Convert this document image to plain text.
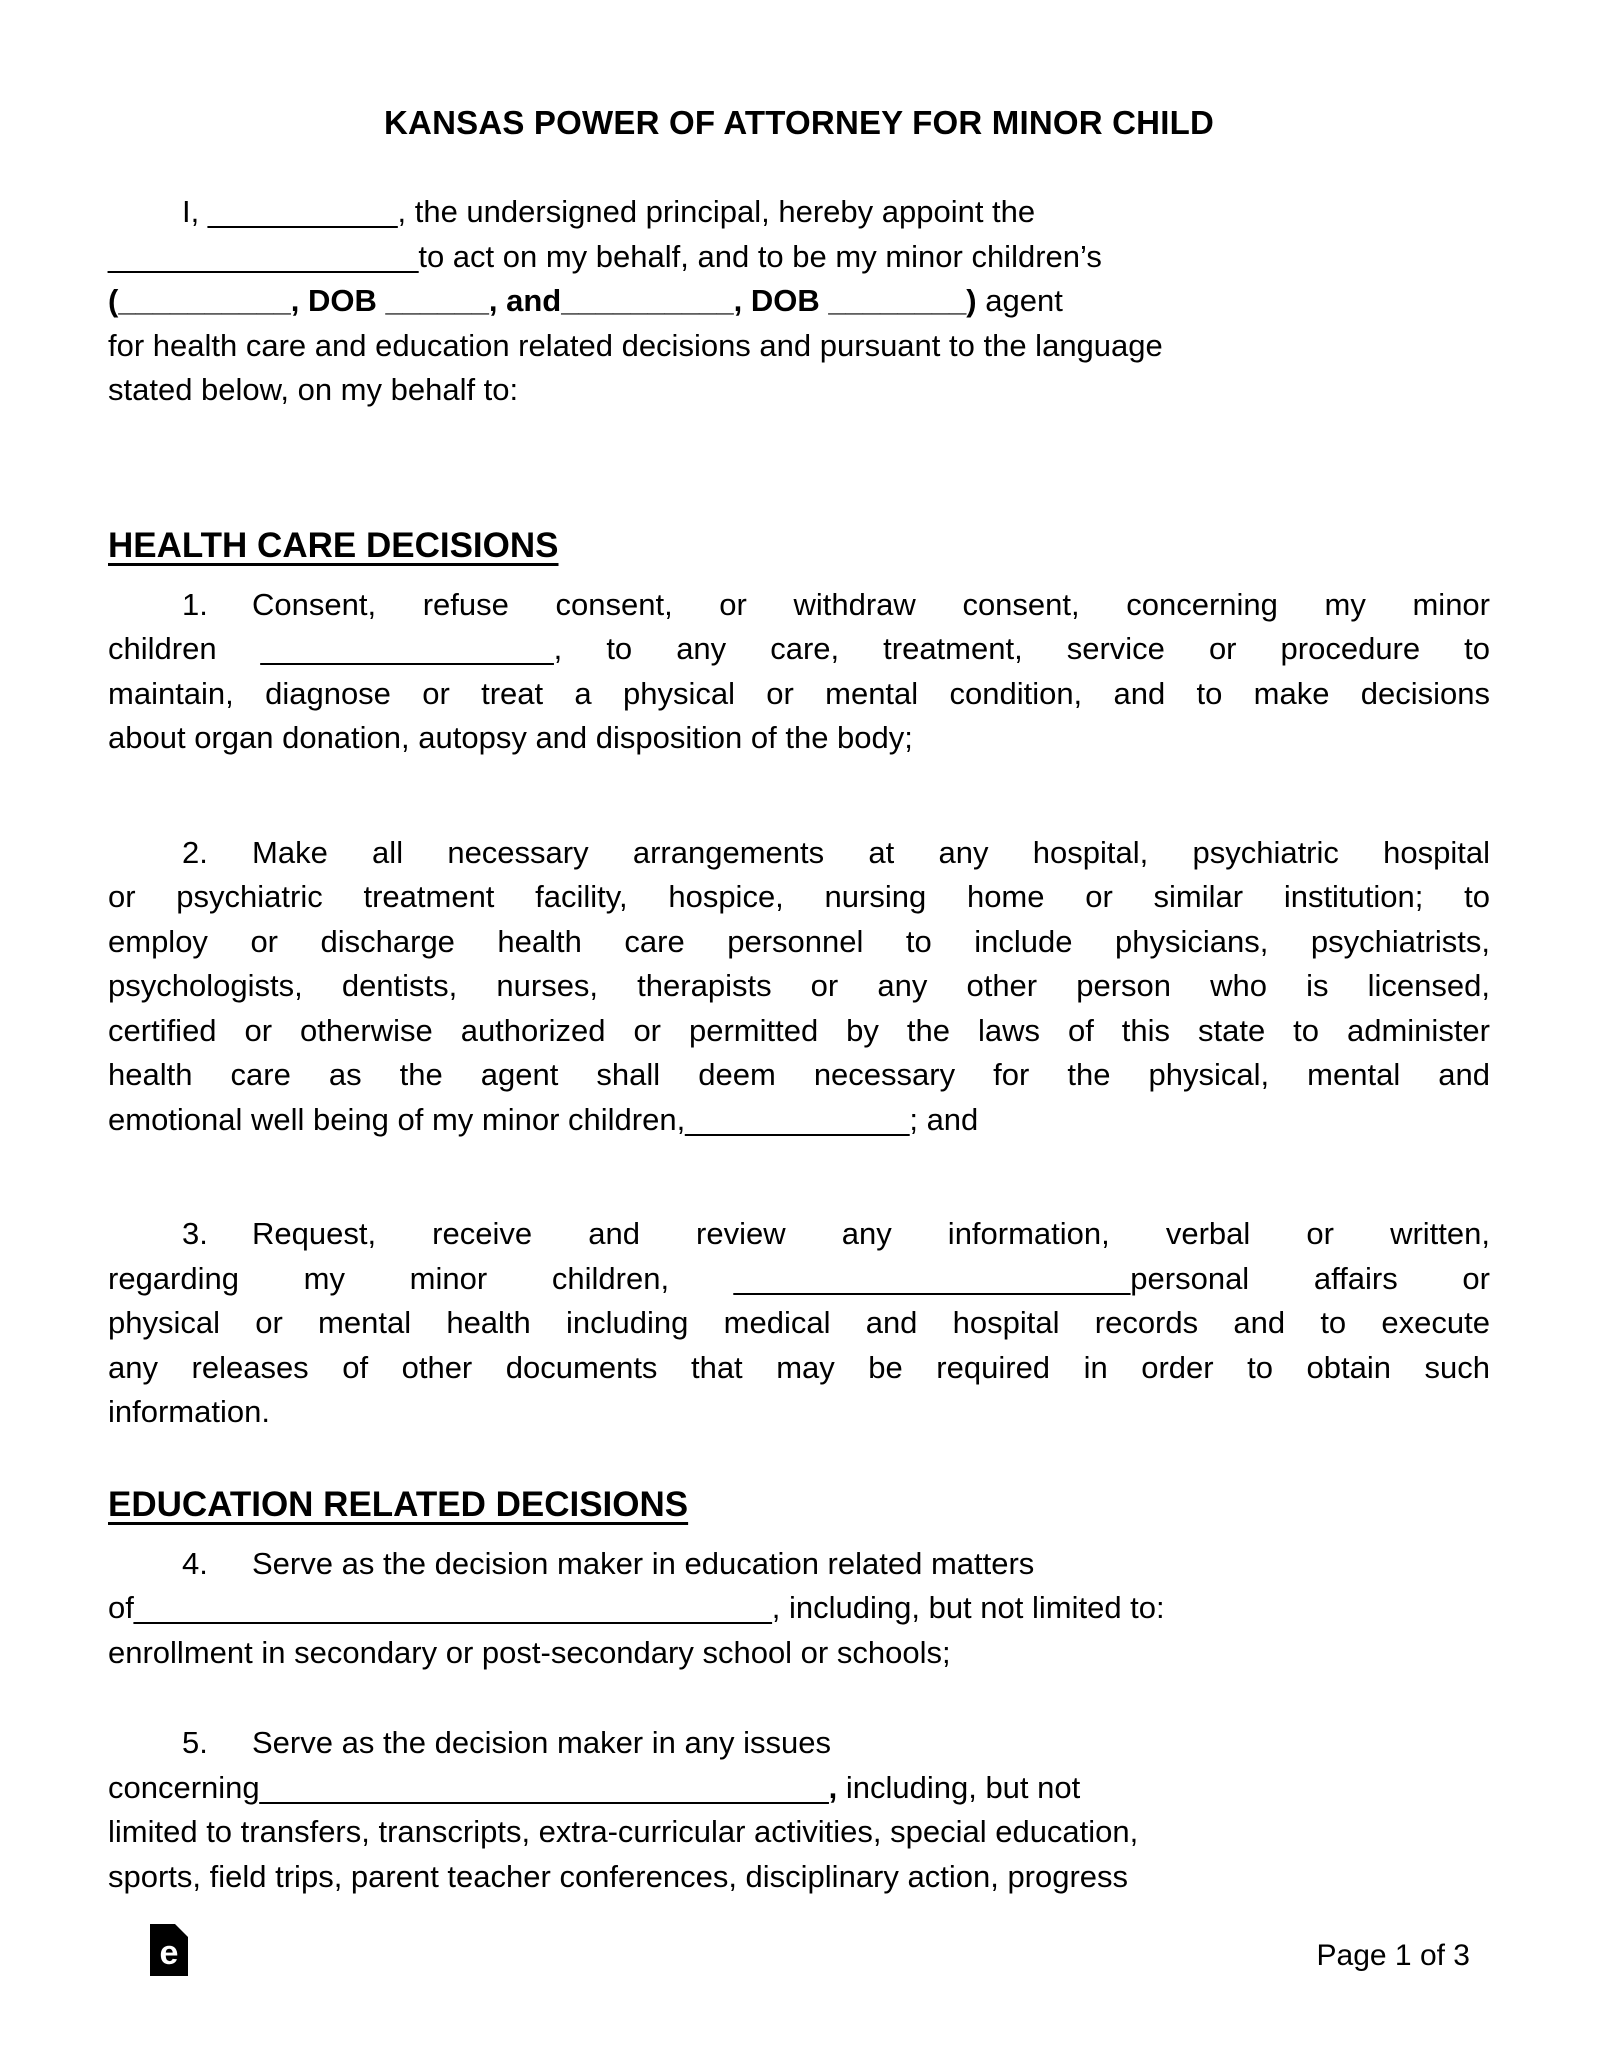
KANSAS POWER OF ATTORNEY FOR MINOR CHILD
I, ___________, the undersigned principal, hereby appoint the
__________________to act on my behalf, and to be my minor children’s
(__________, DOB ______, and__________, DOB ________) agent
for health care and education related decisions and pursuant to the language
stated below, on my behalf to:
HEALTH CARE DECISIONS
1. Consent, refuse consent, or withdraw consent, concerning my minor
children _________________, to any care, treatment, service or procedure to
maintain, diagnose or treat a physical or mental condition, and to make decisions
about organ donation, autopsy and disposition of the body;
2. Make all necessary arrangements at any hospital, psychiatric hospital
or psychiatric treatment facility, hospice, nursing home or similar institution; to
employ or discharge health care personnel to include physicians, psychiatrists,
psychologists, dentists, nurses, therapists or any other person who is licensed,
certified or otherwise authorized or permitted by the laws of this state to administer
health care as the agent shall deem necessary for the physical, mental and
emotional well being of my minor children,_____________; and
3. Request, receive and review any information, verbal or written,
regarding my minor children, _______________________personal affairs or
physical or mental health including medical and hospital records and to execute
any releases of other documents that may be required in order to obtain such
information.
EDUCATION RELATED DECISIONS
4. Serve as the decision maker in education related matters
of_____________________________________, including, but not limited to:
enrollment in secondary or post-secondary school or schools;
5. Serve as the decision maker in any issues
concerning_________________________________, including, but not
limited to transfers, transcripts, extra-curricular activities, special education,
sports, field trips, parent teacher conferences, disciplinary action, progress
e	Page 1 of 3
